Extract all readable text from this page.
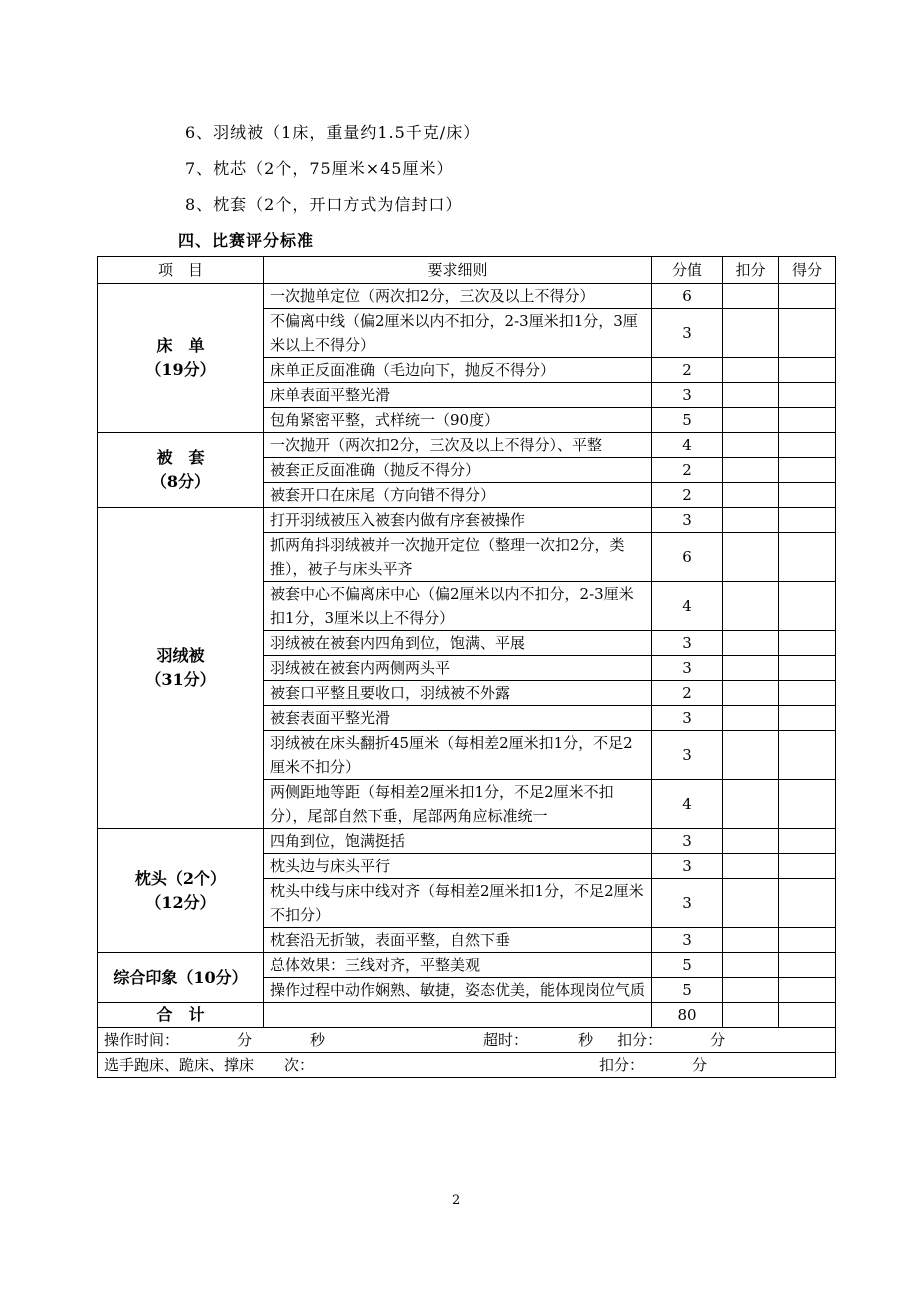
6、羽绒被（1床，重量约1.5千克/床）
7、枕芯（2个，75厘米×45厘米）
8、枕套（2个，开口方式为信封口）
四、比赛评分标准
项　目	要求细则	分值	扣分	得分

床　单
（19分）	一次抛单定位（两次扣2分，三次及以上不得分）	6		
	不偏离中线（偏2厘米以内不扣分，2-3厘米扣1分，3厘米以上不得分）	3		
	床单正反面准确（毛边向下，抛反不得分）	2		
	床单表面平整光滑	3		
	包角紧密平整，式样统一（90度）	5		

被　套
（8分）	一次抛开（两次扣2分，三次及以上不得分）、平整	4		
	被套正反面准确（抛反不得分）	2		
	被套开口在床尾（方向错不得分）	2		

羽绒被
（31分）	打开羽绒被压入被套内做有序套被操作	3		
	抓两角抖羽绒被并一次抛开定位（整理一次扣2分，类推），被子与床头平齐	6		
	被套中心不偏离床中心（偏2厘米以内不扣分，2-3厘米扣1分，3厘米以上不得分）	4		
	羽绒被在被套内四角到位，饱满、平展	3		
	羽绒被在被套内两侧两头平	3		
	被套口平整且要收口，羽绒被不外露	2		
	被套表面平整光滑	3		
	羽绒被在床头翻折45厘米（每相差2厘米扣1分，不足2厘米不扣分）	3		
	两侧距地等距（每相差2厘米扣1分，不足2厘米不扣分），尾部自然下垂，尾部两角应标准统一	4		

枕头（2个）
（12分）	四角到位，饱满挺括	3		
	枕头边与床头平行	3		
	枕头中线与床中线对齐（每相差2厘米扣1分，不足2厘米不扣分）	3		
	枕套沿无折皱，表面平整，自然下垂	3		

综合印象（10分）	总体效果：三线对齐，平整美观	5		
	操作过程中动作娴熟、敏捷，姿态优美，能体现岗位气质	5		
合　计		80		
操作时间： 分 秒 超时： 秒 扣分： 分				
选手跑床、跪床、撑床　　次： 扣分： 分				
2
